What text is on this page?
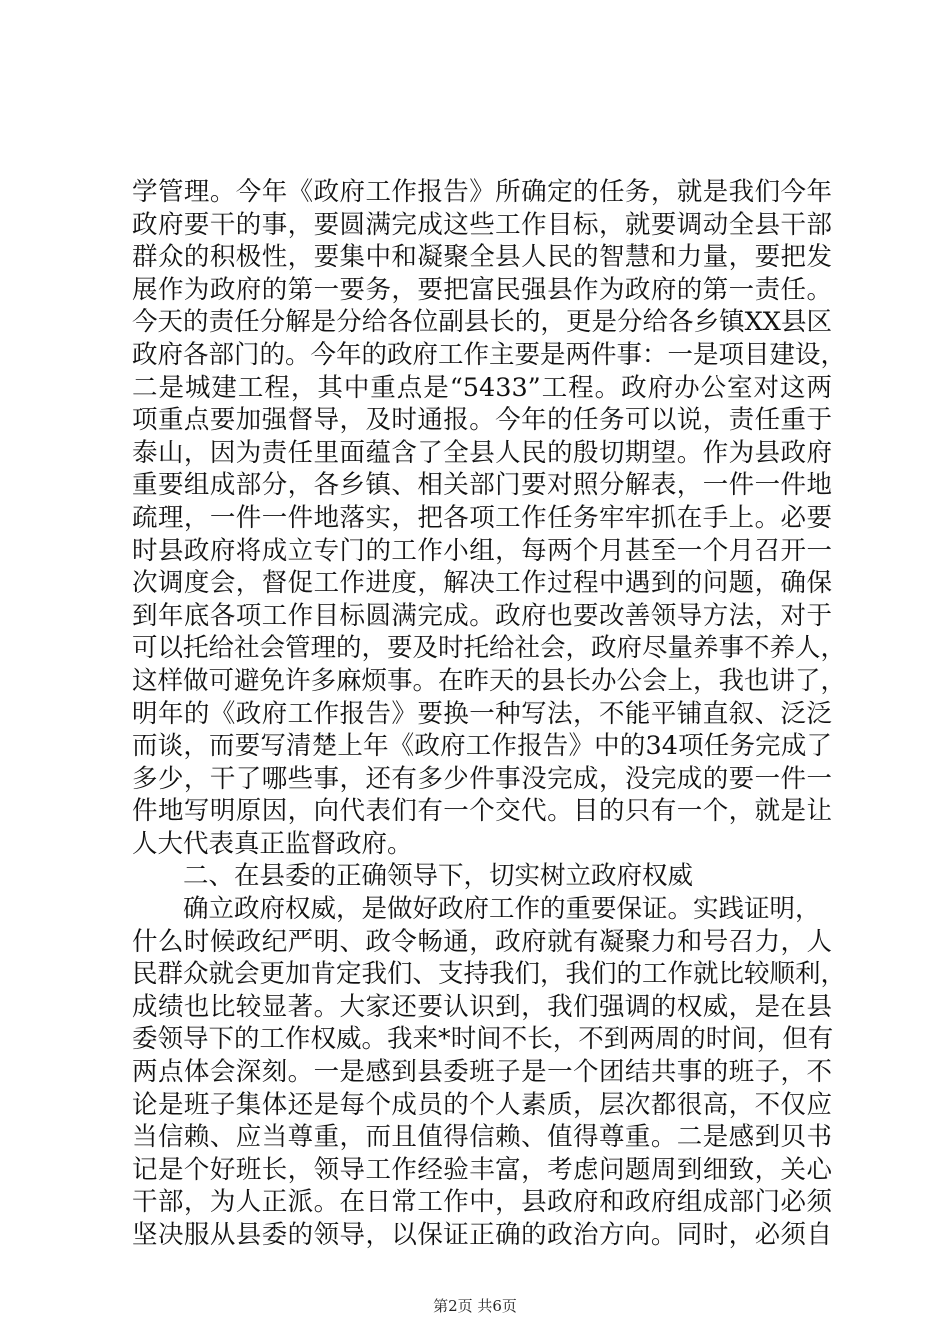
学管理。今年《政府工作报告》所确定的任务，就是我们今年
政府要干的事，要圆满完成这些工作目标，就要调动全县干部
群众的积极性，要集中和凝聚全县人民的智慧和力量，要把发
展作为政府的第一要务，要把富民强县作为政府的第一责任。
今天的责任分解是分给各位副县长的，更是分给各乡镇XX县区
政府各部门的。今年的政府工作主要是两件事：一是项目建设，
二是城建工程，其中重点是“5433”工程。政府办公室对这两
项重点要加强督导，及时通报。今年的任务可以说，责任重于
泰山，因为责任里面蕴含了全县人民的殷切期望。作为县政府
重要组成部分，各乡镇、相关部门要对照分解表，一件一件地
疏理，一件一件地落实，把各项工作任务牢牢抓在手上。必要
时县政府将成立专门的工作小组，每两个月甚至一个月召开一
次调度会，督促工作进度，解决工作过程中遇到的问题，确保
到年底各项工作目标圆满完成。政府也要改善领导方法，对于
可以托给社会管理的，要及时托给社会，政府尽量养事不养人，
这样做可避免许多麻烦事。在昨天的县长办公会上，我也讲了，
明年的《政府工作报告》要换一种写法，不能平铺直叙、泛泛
而谈，而要写清楚上年《政府工作报告》中的34项任务完成了
多少，干了哪些事，还有多少件事没完成，没完成的要一件一
件地写明原因，向代表们有一个交代。目的只有一个，就是让
人大代表真正监督政府。
二、在县委的正确领导下，切实树立政府权威
确立政府权威，是做好政府工作的重要保证。实践证明，
什么时候政纪严明、政令畅通，政府就有凝聚力和号召力，人
民群众就会更加肯定我们、支持我们，我们的工作就比较顺利，
成绩也比较显著。大家还要认识到，我们强调的权威，是在县
委领导下的工作权威。我来*时间不长，不到两周的时间，但有
两点体会深刻。一是感到县委班子是一个团结共事的班子，不
论是班子集体还是每个成员的个人素质，层次都很高，不仅应
当信赖、应当尊重，而且值得信赖、值得尊重。二是感到贝书
记是个好班长，领导工作经验丰富，考虑问题周到细致，关心
干部，为人正派。在日常工作中，县政府和政府组成部门必须
坚决服从县委的领导，以保证正确的政治方向。同时，必须自
第2页 共6页
